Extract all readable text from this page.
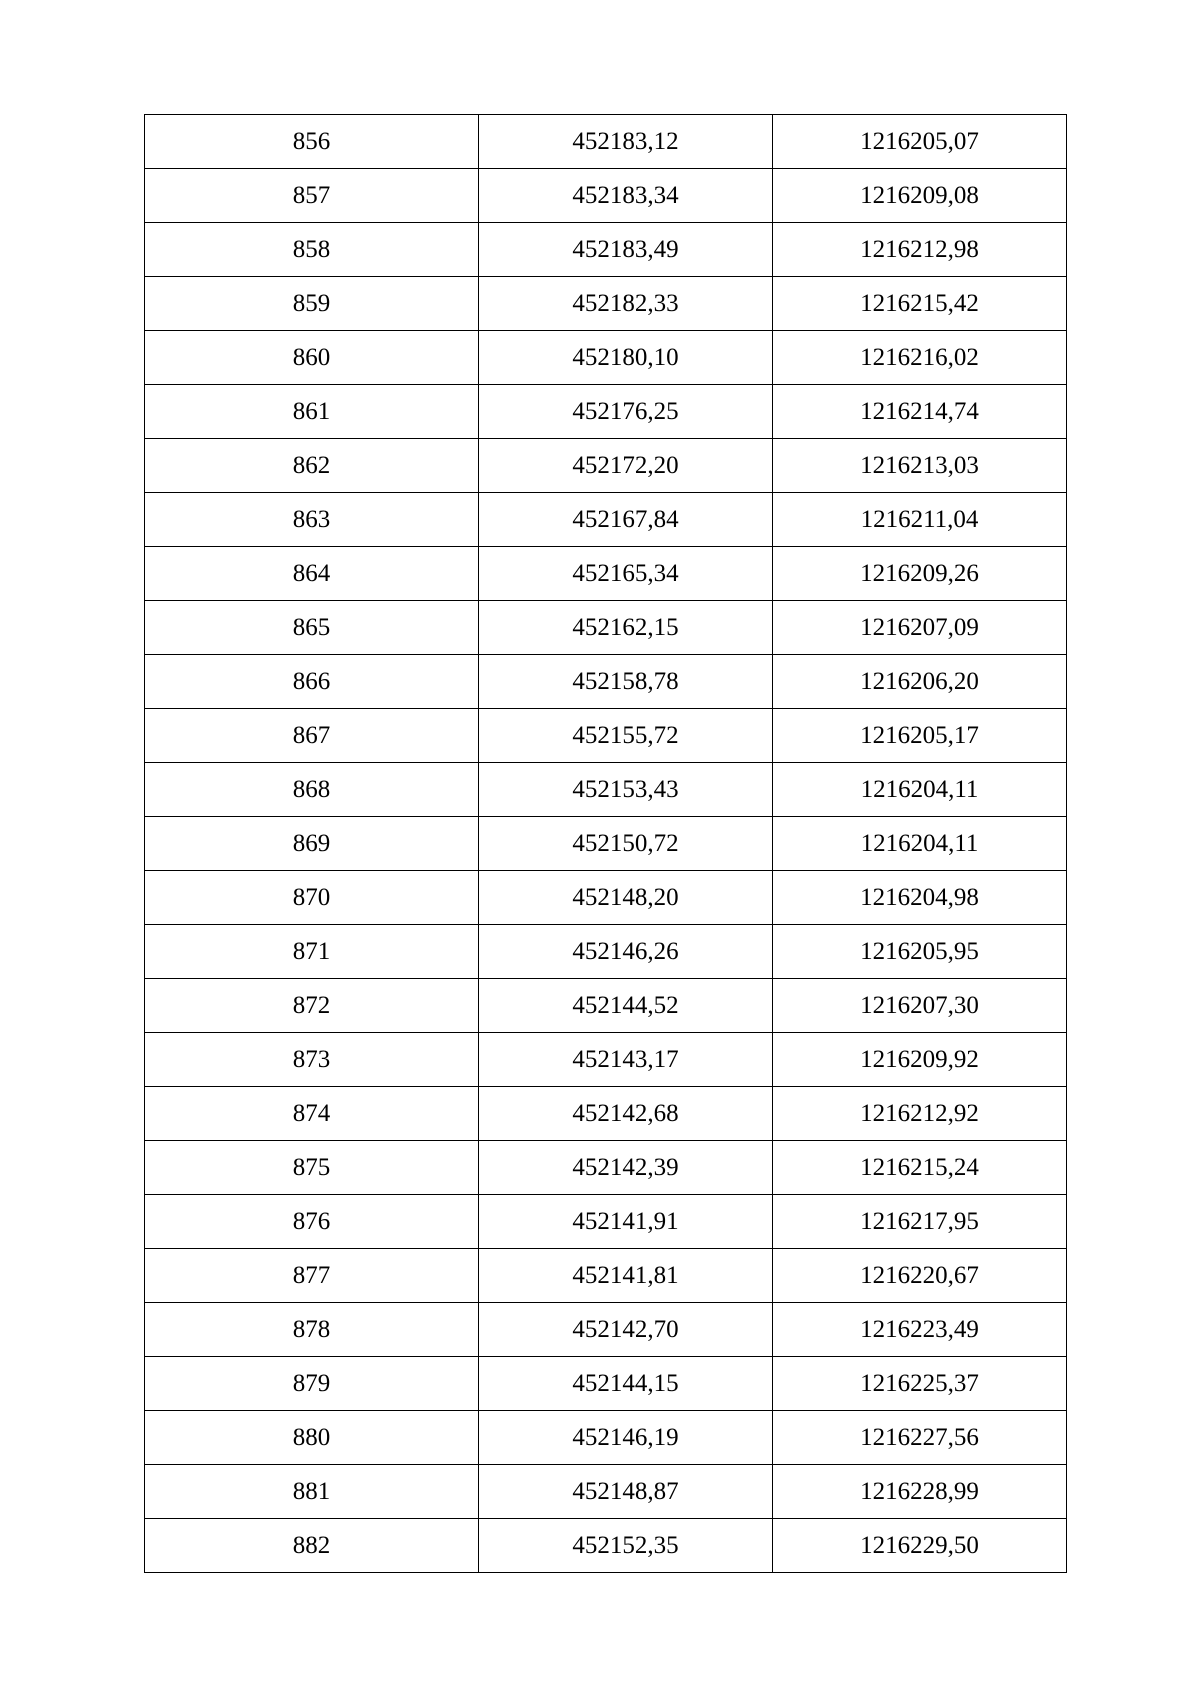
856	452183,12	1216205,07
857	452183,34	1216209,08
858	452183,49	1216212,98
859	452182,33	1216215,42
860	452180,10	1216216,02
861	452176,25	1216214,74
862	452172,20	1216213,03
863	452167,84	1216211,04
864	452165,34	1216209,26
865	452162,15	1216207,09
866	452158,78	1216206,20
867	452155,72	1216205,17
868	452153,43	1216204,11
869	452150,72	1216204,11
870	452148,20	1216204,98
871	452146,26	1216205,95
872	452144,52	1216207,30
873	452143,17	1216209,92
874	452142,68	1216212,92
875	452142,39	1216215,24
876	452141,91	1216217,95
877	452141,81	1216220,67
878	452142,70	1216223,49
879	452144,15	1216225,37
880	452146,19	1216227,56
881	452148,87	1216228,99
882	452152,35	1216229,50
